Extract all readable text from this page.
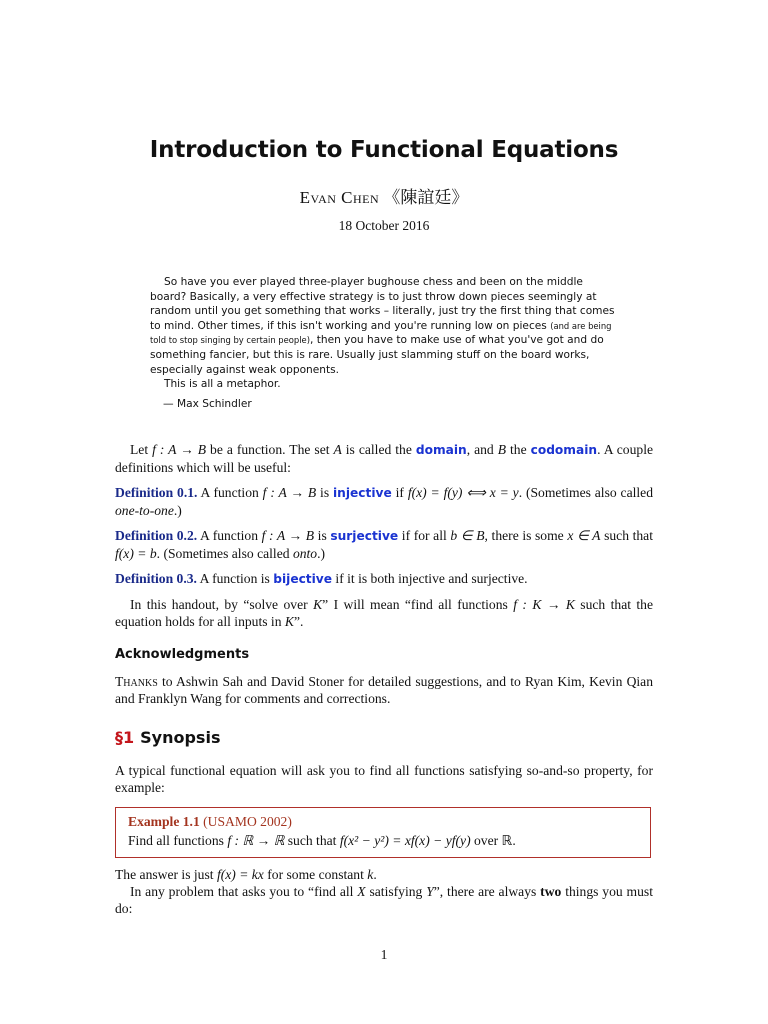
Introduction to Functional Equations
Evan Chen 《陳誼廷》
18 October 2016

So have you ever played three-player bughouse chess and been on the middle board? Basically, a very effective strategy is to just throw down pieces seemingly at random until you get something that works – literally, just try the first thing that comes to mind. Other times, if this isn't working and you're running low on pieces (and are being told to stop singing by certain people), then you have to make use of what you've got and do something fancier, but this is rare. Usually just slamming stuff on the board works, especially against weak opponents.

This is all a metaphor.

— Max Schindler

Let f : A → B be a function. The set A is called the domain, and B the codomain. A couple definitions which will be useful:

Definition 0.1. A function f : A → B is injective if f(x) = f(y) ⟺ x = y. (Sometimes also called one-to-one.)

Definition 0.2. A function f : A → B is surjective if for all b ∈ B, there is some x ∈ A such that f(x) = b. (Sometimes also called onto.)

Definition 0.3. A function is bijective if it is both injective and surjective.

In this handout, by “solve over K” I will mean “find all functions f : K → K such that the equation holds for all inputs in K”.

Acknowledgments

Thanks to Ashwin Sah and David Stoner for detailed suggestions, and to Ryan Kim, Kevin Qian and Franklyn Wang for comments and corrections.

§1 Synopsis

A typical functional equation will ask you to find all functions satisfying so-and-so property, for example:

Example 1.1 (USAMO 2002)
Find all functions f : ℝ → ℝ such that f(x² − y²) = xf(x) − yf(y) over ℝ.

The answer is just f(x) = kx for some constant k.

In any problem that asks you to “find all X satisfying Y”, there are always two things you must do:

1
